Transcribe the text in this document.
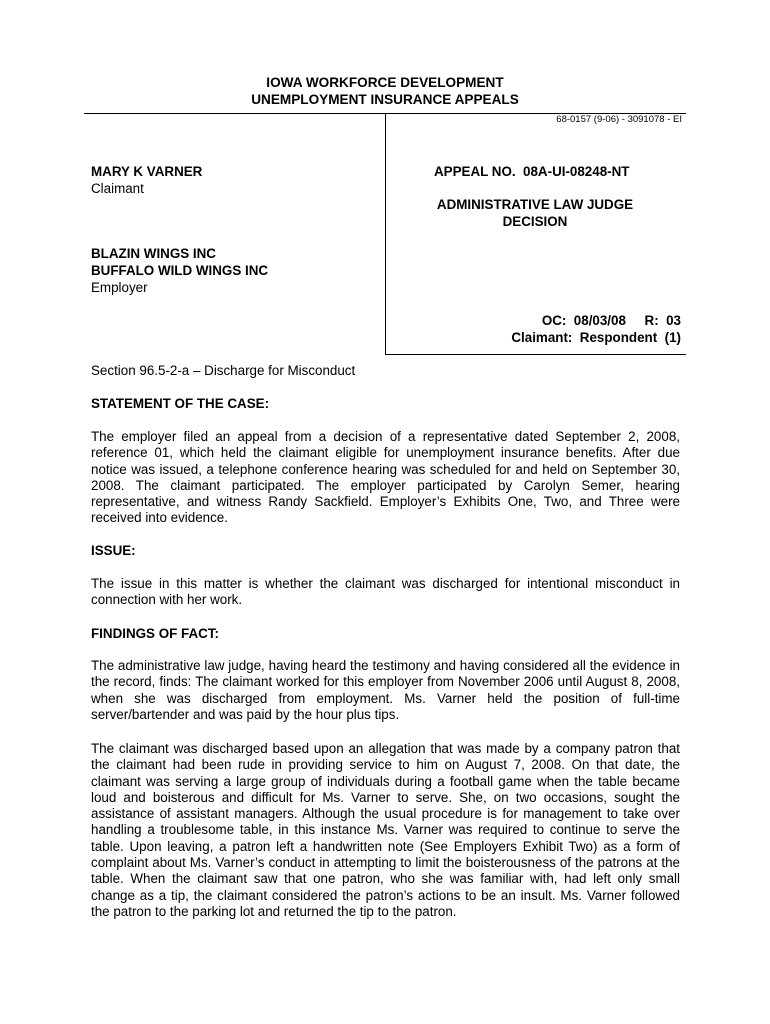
IOWA WORKFORCE DEVELOPMENT
UNEMPLOYMENT INSURANCE APPEALS
68-0157 (9-06) - 3091078 - EI
MARY K VARNER
Claimant
BLAZIN WINGS INC
BUFFALO WILD WINGS INC
Employer
APPEAL NO.  08A-UI-08248-NT
ADMINISTRATIVE LAW JUDGE
DECISION
OC:  08/03/08     R:  03
Claimant:  Respondent  (1)
Section 96.5-2-a – Discharge for Misconduct
STATEMENT OF THE CASE:
The employer filed an appeal from a decision of a representative dated September 2, 2008, reference 01, which held the claimant eligible for unemployment insurance benefits. After due notice was issued, a telephone conference hearing was scheduled for and held on September 30, 2008. The claimant participated. The employer participated by Carolyn Semer, hearing representative, and witness Randy Sackfield. Employer’s Exhibits One, Two, and Three were received into evidence.
ISSUE:
The issue in this matter is whether the claimant was discharged for intentional misconduct in connection with her work.
FINDINGS OF FACT:
The administrative law judge, having heard the testimony and having considered all the evidence in the record, finds: The claimant worked for this employer from November 2006 until August 8, 2008, when she was discharged from employment. Ms. Varner held the position of full-time server/bartender and was paid by the hour plus tips.
The claimant was discharged based upon an allegation that was made by a company patron that the claimant had been rude in providing service to him on August 7, 2008. On that date, the claimant was serving a large group of individuals during a football game when the table became loud and boisterous and difficult for Ms. Varner to serve. She, on two occasions, sought the assistance of assistant managers. Although the usual procedure is for management to take over handling a troublesome table, in this instance Ms. Varner was required to continue to serve the table. Upon leaving, a patron left a handwritten note (See Employers Exhibit Two) as a form of complaint about Ms. Varner’s conduct in attempting to limit the boisterousness of the patrons at the table. When the claimant saw that one patron, who she was familiar with, had left only small change as a tip, the claimant considered the patron’s actions to be an insult. Ms. Varner followed the patron to the parking lot and returned the tip to the patron.
